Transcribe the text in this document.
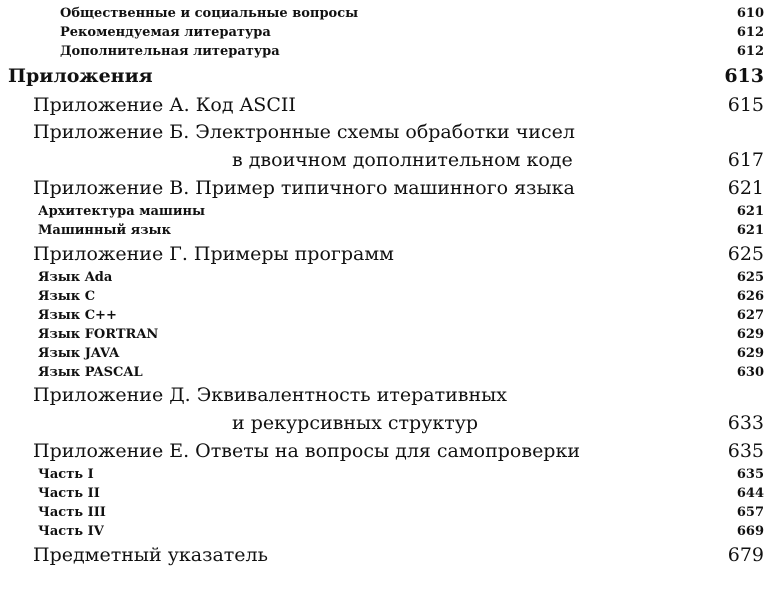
Общественные и социальные вопросы	610
Рекомендуемая литература	612
Дополнительная литература	612
Приложения	613
Приложение А. Код ASCII	615
Приложение Б. Электронные схемы обработки чисел
в двоичном дополнительном коде	617
Приложение В. Пример типичного машинного языка	621
Архитектура машины	621
Машинный язык	621
Приложение Г. Примеры программ	625
Язык Ada	625
Язык С	626
Язык C++	627
Язык FORTRAN	629
Язык JAVA	629
Язык PASCAL	630
Приложение Д. Эквивалентность итеративных
и рекурсивных структур	633
Приложение Е. Ответы на вопросы для самопроверки	635
Часть I	635
Часть II	644
Часть III	657
Часть IV	669
Предметный указатель	679
